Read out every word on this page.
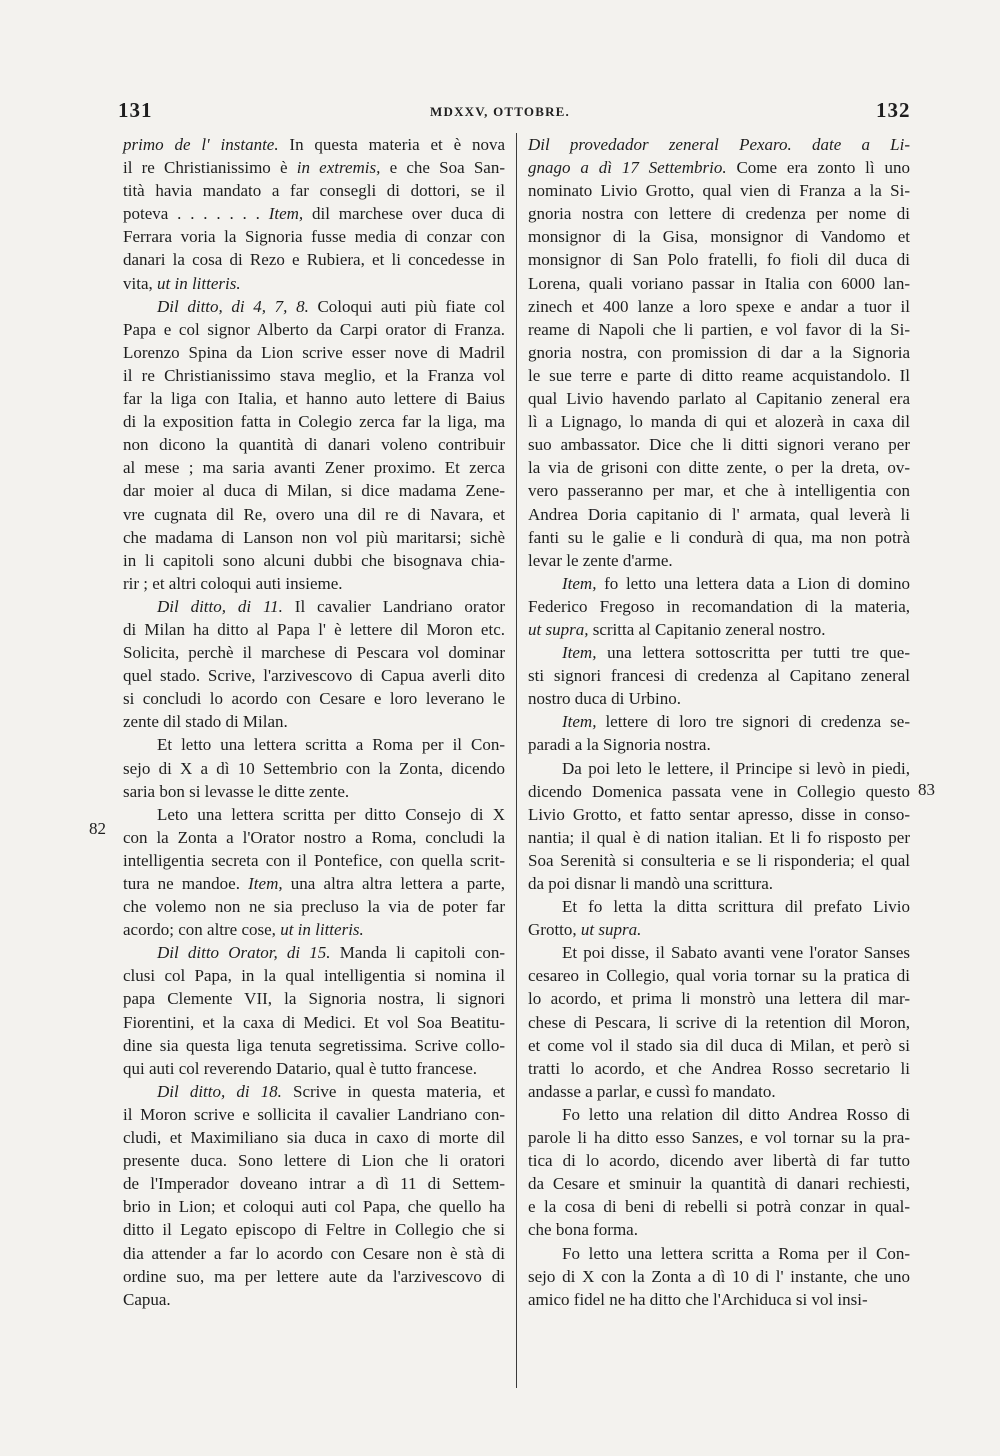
131	MDXXV, OTTOBRE.	132
82
83

primo de l' instante. In questa materia et è nova

il re Christianissimo è in extremis, e che Soa San-

tità havia mandato a far consegli di dottori, se il

poteva . . . . . . . Item, dil marchese over duca di

Ferrara voria la Signoria fusse media di conzar con

danari la cosa di Rezo e Rubiera, et li concedesse in

vita, ut in litteris.

Dil ditto, di 4, 7, 8. Coloqui auti più fiate col

Papa e col signor Alberto da Carpi orator di Franza.

Lorenzo Spina da Lion scrive esser nove di Madril

il re Christianissimo stava meglio, et la Franza vol

far la liga con Italia, et hanno auto lettere di Baius

di la exposition fatta in Colegio zerca far la liga, ma

non dicono la quantità di danari voleno contribuir

al mese ; ma saria avanti Zener proximo. Et zerca

dar moier al duca di Milan, si dice madama Zene-

vre cugnata dil Re, overo una dil re di Navara, et

che madama di Lanson non vol più maritarsi; sichè

in li capitoli sono alcuni dubbi che bisognava chia-

rir ; et altri coloqui auti insieme.

Dil ditto, di 11. Il cavalier Landriano orator

di Milan ha ditto al Papa l' è lettere dil Moron etc.

Solicita, perchè il marchese di Pescara vol dominar

quel stado. Scrive, l'arzivescovo di Capua averli dito

si concludi lo acordo con Cesare e loro leverano le

zente dil stado di Milan.

Et letto una lettera scritta a Roma per il Con-

sejo di X a dì 10 Settembrio con la Zonta, dicendo

saria bon si levasse le ditte zente.

Leto una lettera scritta per ditto Consejo di X

con la Zonta a l'Orator nostro a Roma, concludi la

intelligentia secreta con il Pontefice, con quella scrit-

tura ne mandoe. Item, una altra altra lettera a parte,

che volemo non ne sia precluso la via de poter far

acordo; con altre cose, ut in litteris.

Dil ditto Orator, di 15. Manda li capitoli con-

clusi col Papa, in la qual intelligentia si nomina il

papa Clemente VII, la Signoria nostra, li signori

Fiorentini, et la caxa di Medici. Et vol Soa Beatitu-

dine sia questa liga tenuta segretissima. Scrive collo-

qui auti col reverendo Datario, qual è tutto francese.

Dil ditto, di 18. Scrive in questa materia, et

il Moron scrive e sollicita il cavalier Landriano con-

cludi, et Maximiliano sia duca in caxo di morte dil

presente duca. Sono lettere di Lion che li oratori

de l'Imperador doveano intrar a dì 11 di Settem-

brio in Lion; et coloqui auti col Papa, che quello ha

ditto il Legato episcopo di Feltre in Collegio che si

dia attender a far lo acordo con Cesare non è stà di

ordine suo, ma per lettere aute da l'arzivescovo di

Capua.

Dil provedador zeneral Pexaro. date a Li-

gnago a dì 17 Settembrio. Come era zonto lì uno

nominato Livio Grotto, qual vien di Franza a la Si-

gnoria nostra con lettere di credenza per nome di

monsignor di la Gisa, monsignor di Vandomo et

monsignor di San Polo fratelli, fo fioli dil duca di

Lorena, quali voriano passar in Italia con 6000 lan-

zinech et 400 lanze a loro spexe e andar a tuor il

reame di Napoli che li partien, e vol favor di la Si-

gnoria nostra, con promission di dar a la Signoria

le sue terre e parte di ditto reame acquistandolo. Il

qual Livio havendo parlato al Capitanio zeneral era

lì a Lignago, lo manda di qui et alozerà in caxa dil

suo ambassator. Dice che li ditti signori verano per

la via de grisoni con ditte zente, o per la dreta, ov-

vero passeranno per mar, et che à intelligentia con

Andrea Doria capitanio di l' armata, qual leverà li

fanti su le galie e li condurà di qua, ma non potrà

levar le zente d'arme.

Item, fo letto una lettera data a Lion di domino

Federico Fregoso in recomandation di la materia,

ut supra, scritta al Capitanio zeneral nostro.

Item, una lettera sottoscritta per tutti tre que-

sti signori francesi di credenza al Capitano zeneral

nostro duca di Urbino.

Item, lettere di loro tre signori di credenza se-

paradi a la Signoria nostra.

Da poi leto le lettere, il Principe si levò in piedi,

dicendo Domenica passata vene in Collegio questo

Livio Grotto, et fatto sentar apresso, disse in conso-

nantia; il qual è di nation italian. Et li fo risposto per

Soa Serenità si consulteria e se li risponderia; el qual

da poi disnar li mandò una scrittura.

Et fo letta la ditta scrittura dil prefato Livio

Grotto, ut supra.

Et poi disse, il Sabato avanti vene l'orator Sanses

cesareo in Collegio, qual voria tornar su la pratica di

lo acordo, et prima li monstrò una lettera dil mar-

chese di Pescara, li scrive di la retention dil Moron,

et come vol il stado sia dil duca di Milan, et però si

tratti lo acordo, et che Andrea Rosso secretario li

andasse a parlar, e cussì fo mandato.

Fo letto una relation dil ditto Andrea Rosso di

parole li ha ditto esso Sanzes, e vol tornar su la pra-

tica di lo acordo, dicendo aver libertà di far tutto

da Cesare et sminuir la quantità di danari rechiesti,

e la cosa di beni di rebelli si potrà conzar in qual-

che bona forma.

Fo letto una lettera scritta a Roma per il Con-

sejo di X con la Zonta a dì 10 di l' instante, che uno

amico fidel ne ha ditto che l'Archiduca si vol insi-
